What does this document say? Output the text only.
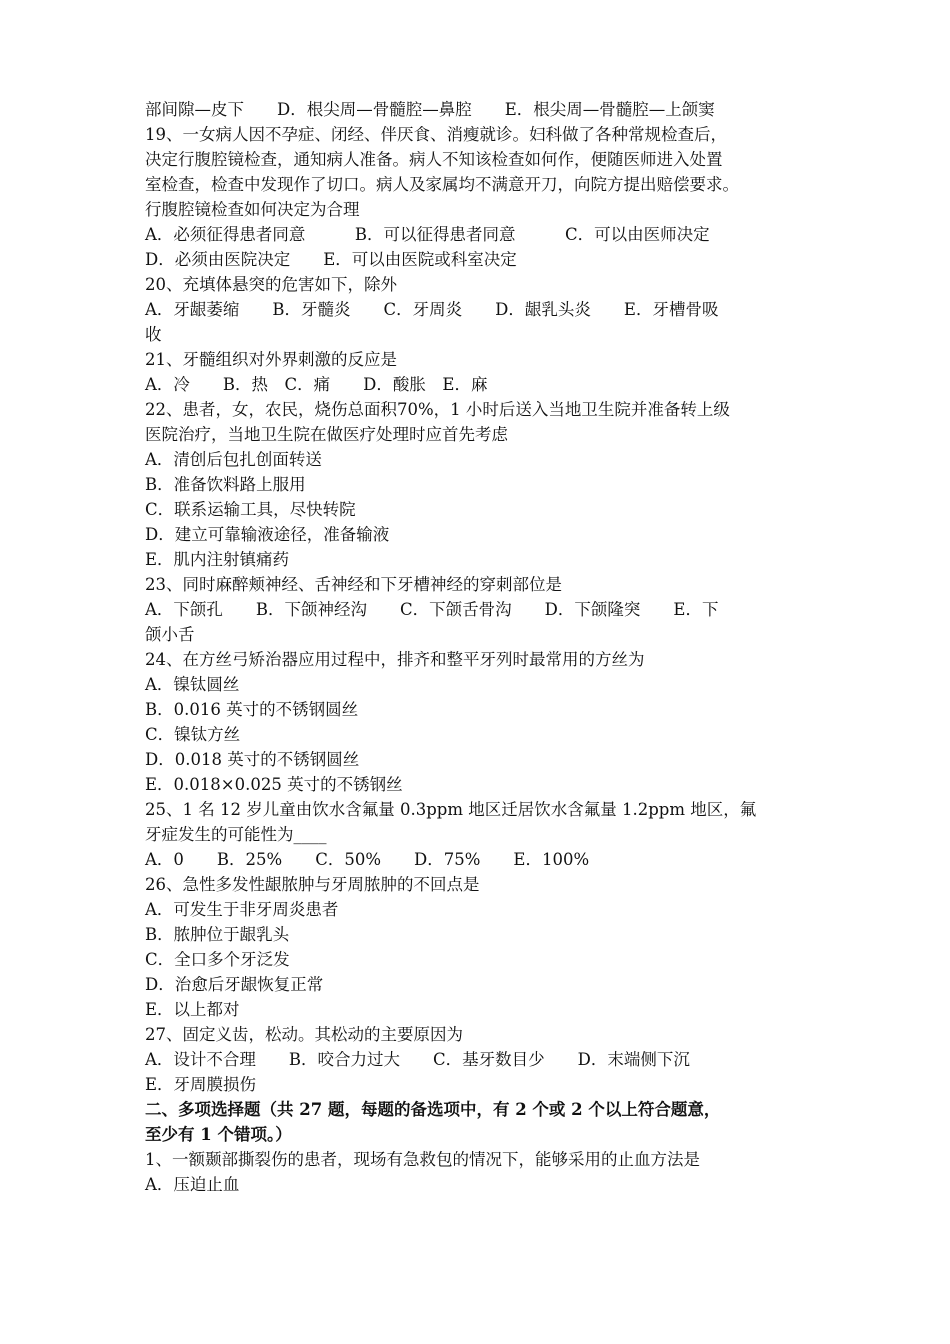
部间隙—皮下　　D．根尖周—骨髓腔—鼻腔　　E．根尖周—骨髓腔—上颌窦
19、一女病人因不孕症、闭经、伴厌食、消瘦就诊。妇科做了各种常规检查后，
决定行腹腔镜检查，通知病人准备。病人不知该检查如何作，便随医师进入处置
室检查，检查中发现作了切口。病人及家属均不满意开刀，向院方提出赔偿要求。
行腹腔镜检查如何决定为合理
A．必须征得患者同意　　　B．可以征得患者同意　　　C．可以由医师决定
D．必须由医院决定　　E．可以由医院或科室决定
20、充填体悬突的危害如下，除外
A．牙龈萎缩　　B．牙髓炎　　C．牙周炎　　D．龈乳头炎　　E．牙槽骨吸
收
21、牙髓组织对外界刺激的反应是
A．冷　　B．热　C．痛　　D．酸胀　E．麻
22、患者，女，农民，烧伤总面积70%，1 小时后送入当地卫生院并准备转上级
医院治疗，当地卫生院在做医疗处理时应首先考虑
A．清创后包扎创面转送
B．准备饮料路上服用
C．联系运输工具，尽快转院
D．建立可靠输液途径，准备输液
E．肌内注射镇痛药
23、同时麻醉颊神经、舌神经和下牙槽神经的穿刺部位是
A．下颌孔　　B．下颌神经沟　　C．下颌舌骨沟　　D．下颌隆突　　E．下
颌小舌
24、在方丝弓矫治器应用过程中，排齐和整平牙列时最常用的方丝为
A．镍钛圆丝
B．0.016 英寸的不锈钢圆丝
C．镍钛方丝
D．0.018 英寸的不锈钢圆丝
E．0.018×0.025 英寸的不锈钢丝
25、1 名 12 岁儿童由饮水含氟量 0.3ppm 地区迁居饮水含氟量 1.2ppm 地区，氟
牙症发生的可能性为____
A．0　　B．25%　　C．50%　　D．75%　　E．100%
26、急性多发性龈脓肿与牙周脓肿的不回点是
A．可发生于非牙周炎患者
B．脓肿位于龈乳头
C．全口多个牙泛发
D．治愈后牙龈恢复正常
E．以上都对
27、固定义齿，松动。其松动的主要原因为
A．设计不合理　　B．咬合力过大　　C．基牙数目少　　D．末端侧下沉
E．牙周膜损伤
二、多项选择题（共 27 题，每题的备选项中，有 2 个或 2 个以上符合题意，
至少有 1 个错项。）
1、一额颞部撕裂伤的患者，现场有急救包的情况下，能够采用的止血方法是
A．压迫止血
